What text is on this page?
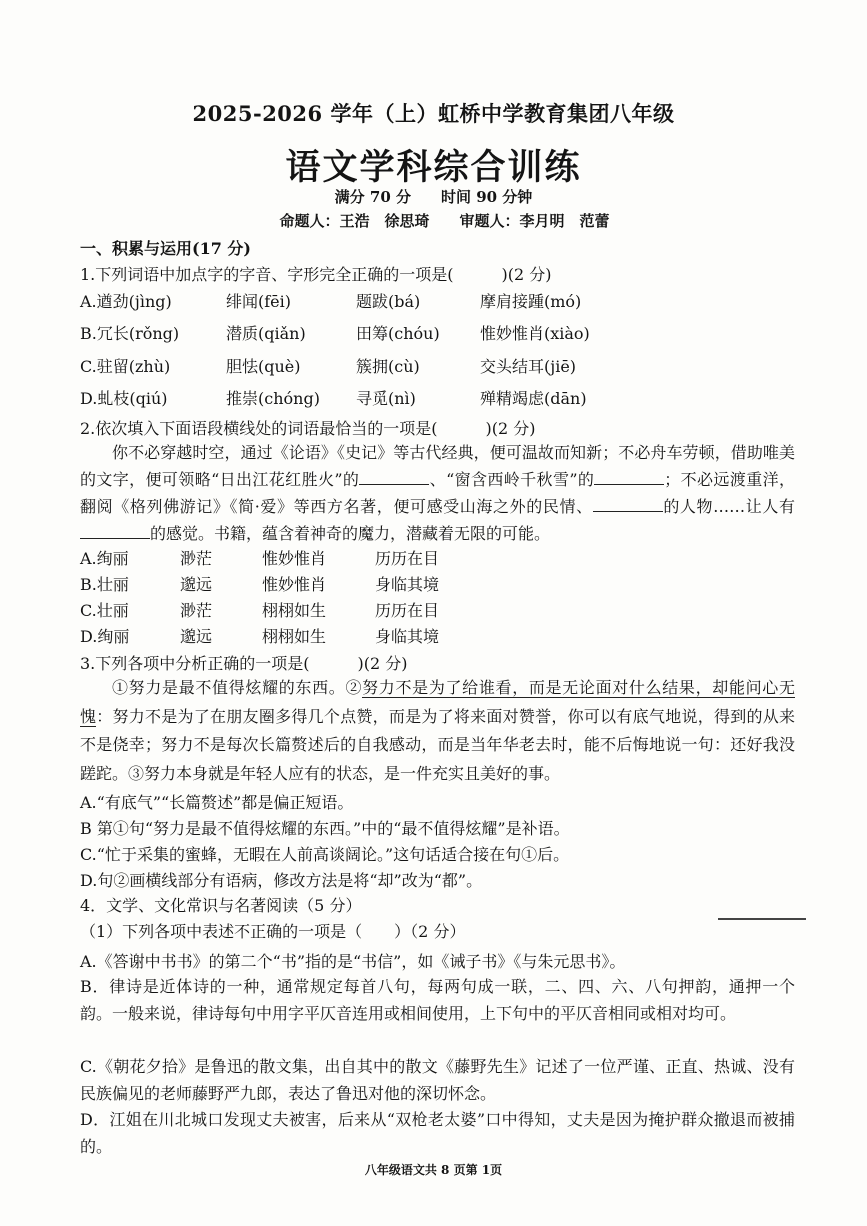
2025-2026 学年（上）虹桥中学教育集团八年级
语文学科综合训练
满分 70 分　　时间 90 分钟
命题人：王浩　徐思琦　　审题人：李月明　范蕾
一、积累与运用(17 分)
1.下列词语中加点字的字音、字形完全正确的一项是(　　　)(2 分)
A.遒劲(jìng)	绯闻(fēi)	题跋(bá)	摩肩接踵(mó)
B.冗长(rǒng)	潜质(qiǎn)	田筹(chóu)	惟妙惟肖(xiào)
C.驻留(zhù)	胆怯(què)	簇拥(cù)	交头结耳(jiē)
D.虬枝(qiú)	推崇(chóng) 寻觅(nì)	殚精竭虑(dān)
2.依次填入下面语段横线处的词语最恰当的一项是(　　　)(2 分)
你不必穿越时空，通过《论语》《史记》等古代经典，便可温故而知新；不必舟车劳顿，借助唯美的文字，便可领略“日出江花红胜火”的	、“窗含西岭千秋雪”的	；不必远渡重洋，翻阅《格列佛游记》《简·爱》等西方名著，便可感受山海之外的民情、	的人物……让人有的感觉。书籍，蕴含着神奇的魔力，潜藏着无限的可能。
A.绚丽	渺茫	惟妙惟肖	历历在目
B.壮丽	邈远	惟妙惟肖	身临其境
C.壮丽	渺茫	栩栩如生	历历在目
D.绚丽	邈远	栩栩如生	身临其境
3.下列各项中分析正确的一项是(　　　)(2 分)
①努力是最不值得炫耀的东西。②努力不是为了给谁看，而是无论面对什么结果，却能问心无愧：努力不是为了在朋友圈多得几个点赞，而是为了将来面对赞誉，你可以有底气地说，得到的从来不是侥幸；努力不是每次长篇赘述后的自我感动，而是当年华老去时，能不后悔地说一句：还好我没蹉跎。③努力本身就是年轻人应有的状态，是一件充实且美好的事。
A.“有底气”“长篇赘述”都是偏正短语。
B 第①句“努力是最不值得炫耀的东西。”中的“最不值得炫耀”是补语。
C.“忙于采集的蜜蜂，无暇在人前高谈阔论。”这句话适合接在句①后。
D.句②画横线部分有语病，修改方法是将“却”改为“都”。
4．文学、文化常识与名著阅读（5 分）
（1）下列各项中表述不正确的一项是（　　）（2 分）
A.《答谢中书书》的第二个“书”指的是“书信”，如《诫子书》《与朱元思书》。
B．律诗是近体诗的一种，通常规定每首八句，每两句成一联，二、四、六、八句押韵，通押一个韵。一般来说，律诗每句中用字平仄音连用或相间使用，上下句中的平仄音相同或相对均可。
C.《朝花夕拾》是鲁迅的散文集，出自其中的散文《藤野先生》记述了一位严谨、正直、热诚、没有民族偏见的老师藤野严九郎，表达了鲁迅对他的深切怀念。
D．江姐在川北城口发现丈夫被害，后来从“双枪老太婆”口中得知，丈夫是因为掩护群众撤退而被捕的。
八年级语文共 8 页第 1页
